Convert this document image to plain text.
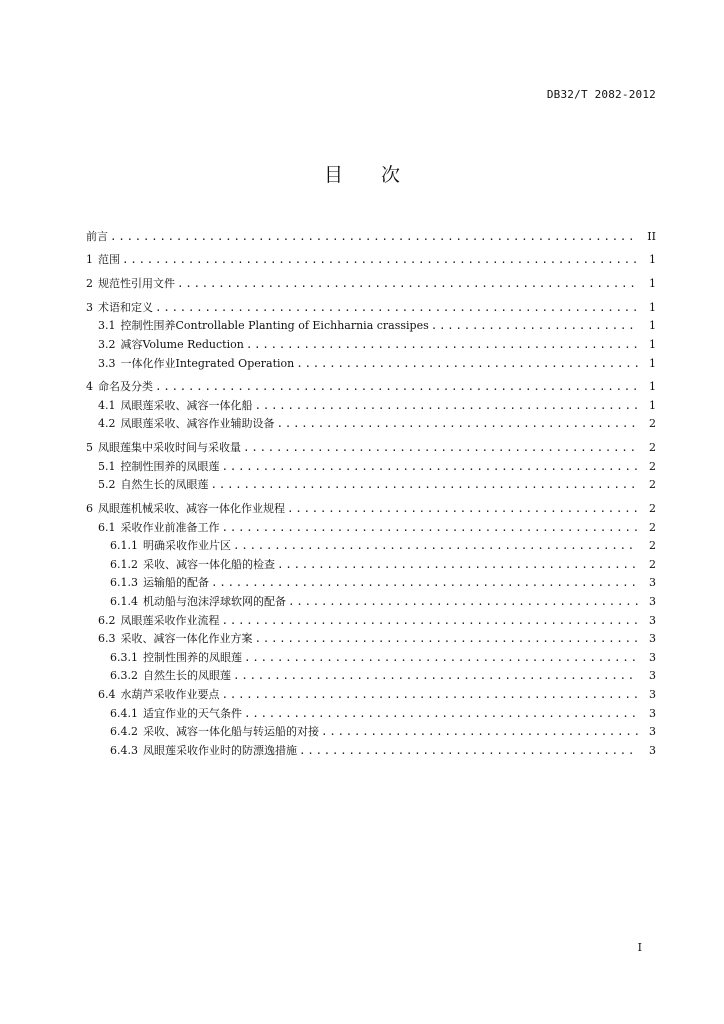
DB32/T 2082-2012
目 次
前言 .....	II
1 范围 .....	1
2 规范性引用文件 .....	1
3 术语和定义 .....	1
3.1 控制性围养Controllable Planting of Eichharnia crassipes .....	1
3.2 减容Volume Reduction .....	1
3.3 一体化作业Integrated Operation .....	1
4 命名及分类 .....	1
4.1 凤眼莲采收、减容一体化船 .....	1
4.2 凤眼莲采收、减容作业辅助设备 .....	2
5 凤眼莲集中采收时间与采收量 .....	2
5.1 控制性围养的凤眼莲 .....	2
5.2 自然生长的凤眼莲 .....	2
6 凤眼莲机械采收、减容一体化作业规程 .....	2
6.1 采收作业前准备工作 .....	2
6.1.1 明确采收作业片区 .....	2
6.1.2 采收、减容一体化船的检查 .....	2
6.1.3 运输船的配备 .....	3
6.1.4 机动船与泡沫浮球软网的配备 .....	3
6.2 凤眼莲采收作业流程 .....	3
6.3 采收、减容一体化作业方案 .....	3
6.3.1 控制性围养的凤眼莲 .....	3
6.3.2 自然生长的凤眼莲 .....	3
6.4 水葫芦采收作业要点 .....	3
6.4.1 适宜作业的天气条件 .....	3
6.4.2 采收、减容一体化船与转运船的对接 .....	3
6.4.3 凤眼莲采收作业时的防漂逸措施 .....	3
I
